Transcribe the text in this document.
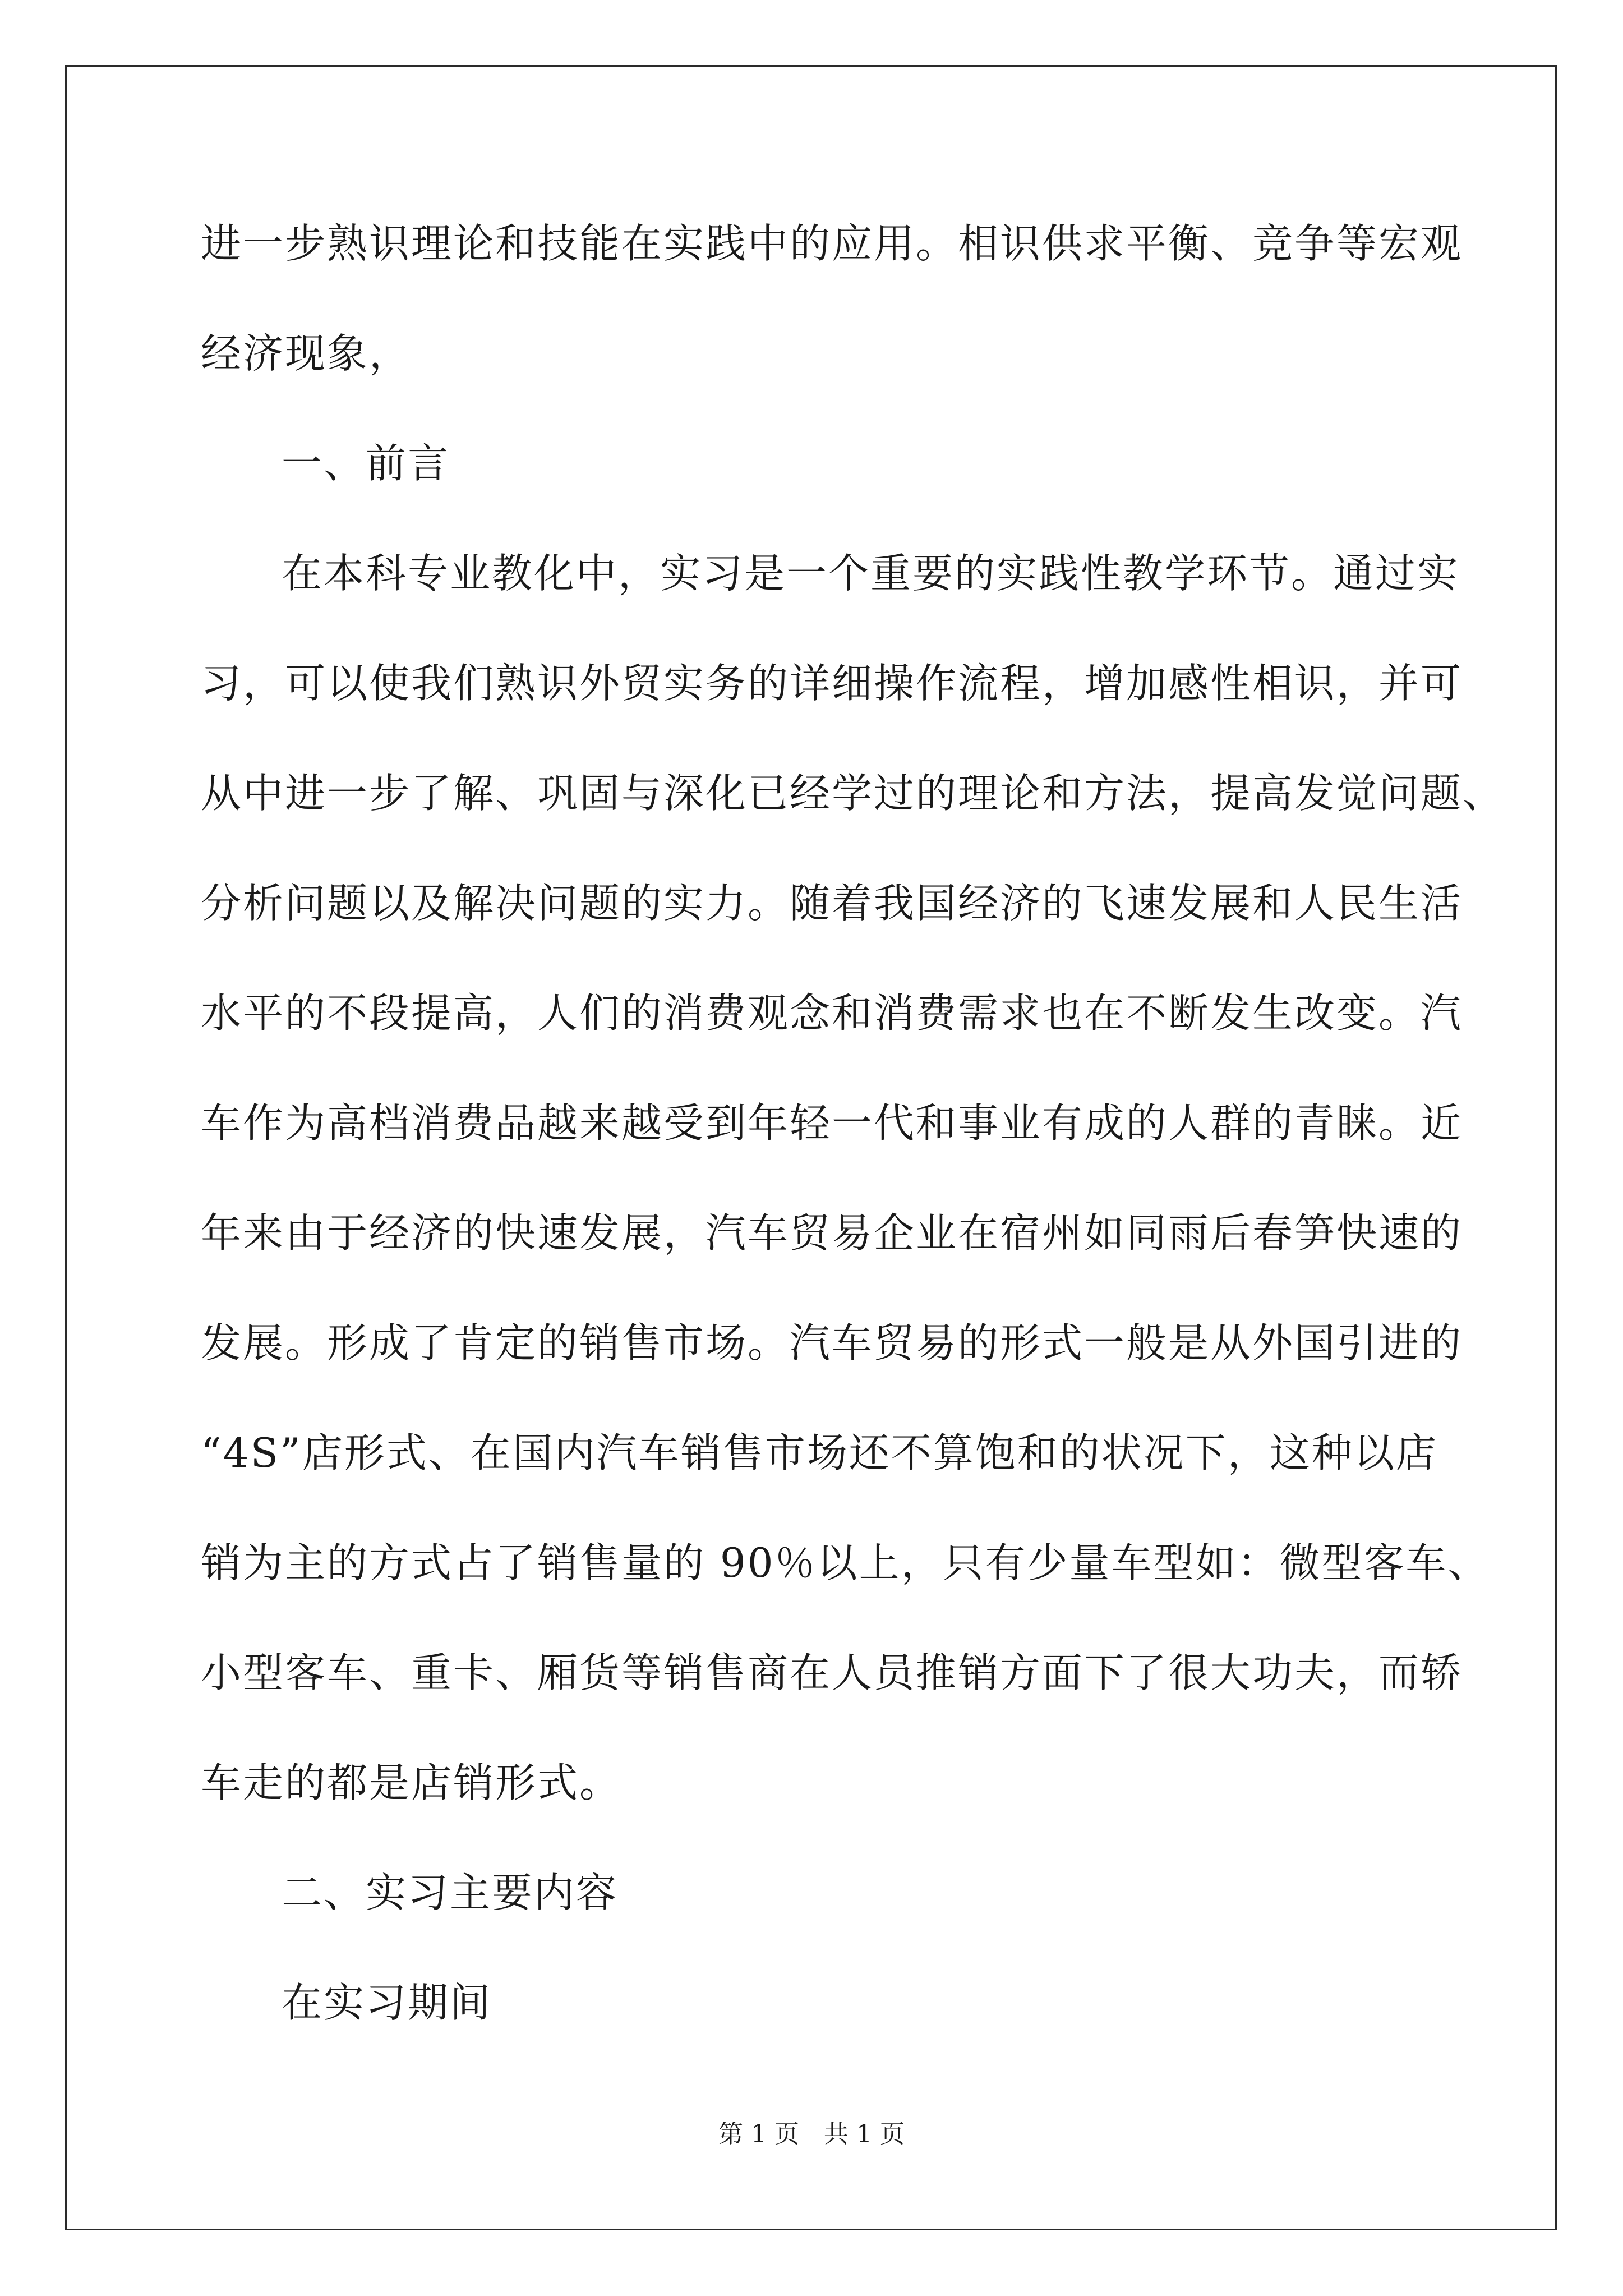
进一步熟识理论和技能在实践中的应用。相识供求平衡、竞争等宏观
经济现象，
一、前言
在本科专业教化中，实习是一个重要的实践性教学环节。通过实
习，可以使我们熟识外贸实务的详细操作流程，增加感性相识，并可
从中进一步了解、巩固与深化已经学过的理论和方法，提高发觉问题、
分析问题以及解决问题的实力。随着我国经济的飞速发展和人民生活
水平的不段提高，人们的消费观念和消费需求也在不断发生改变。汽
车作为高档消费品越来越受到年轻一代和事业有成的人群的青睐。近
年来由于经济的快速发展，汽车贸易企业在宿州如同雨后春笋快速的
发展。形成了肯定的销售市场。汽车贸易的形式一般是从外国引进的
“4S”店形式、在国内汽车销售市场还不算饱和的状况下，这种以店
销为主的方式占了销售量的 90％以上，只有少量车型如：微型客车、
小型客车、重卡、厢货等销售商在人员推销方面下了很大功夫，而轿
车走的都是店销形式。
二、实习主要内容
在实习期间
第 1 页 共 1 页
